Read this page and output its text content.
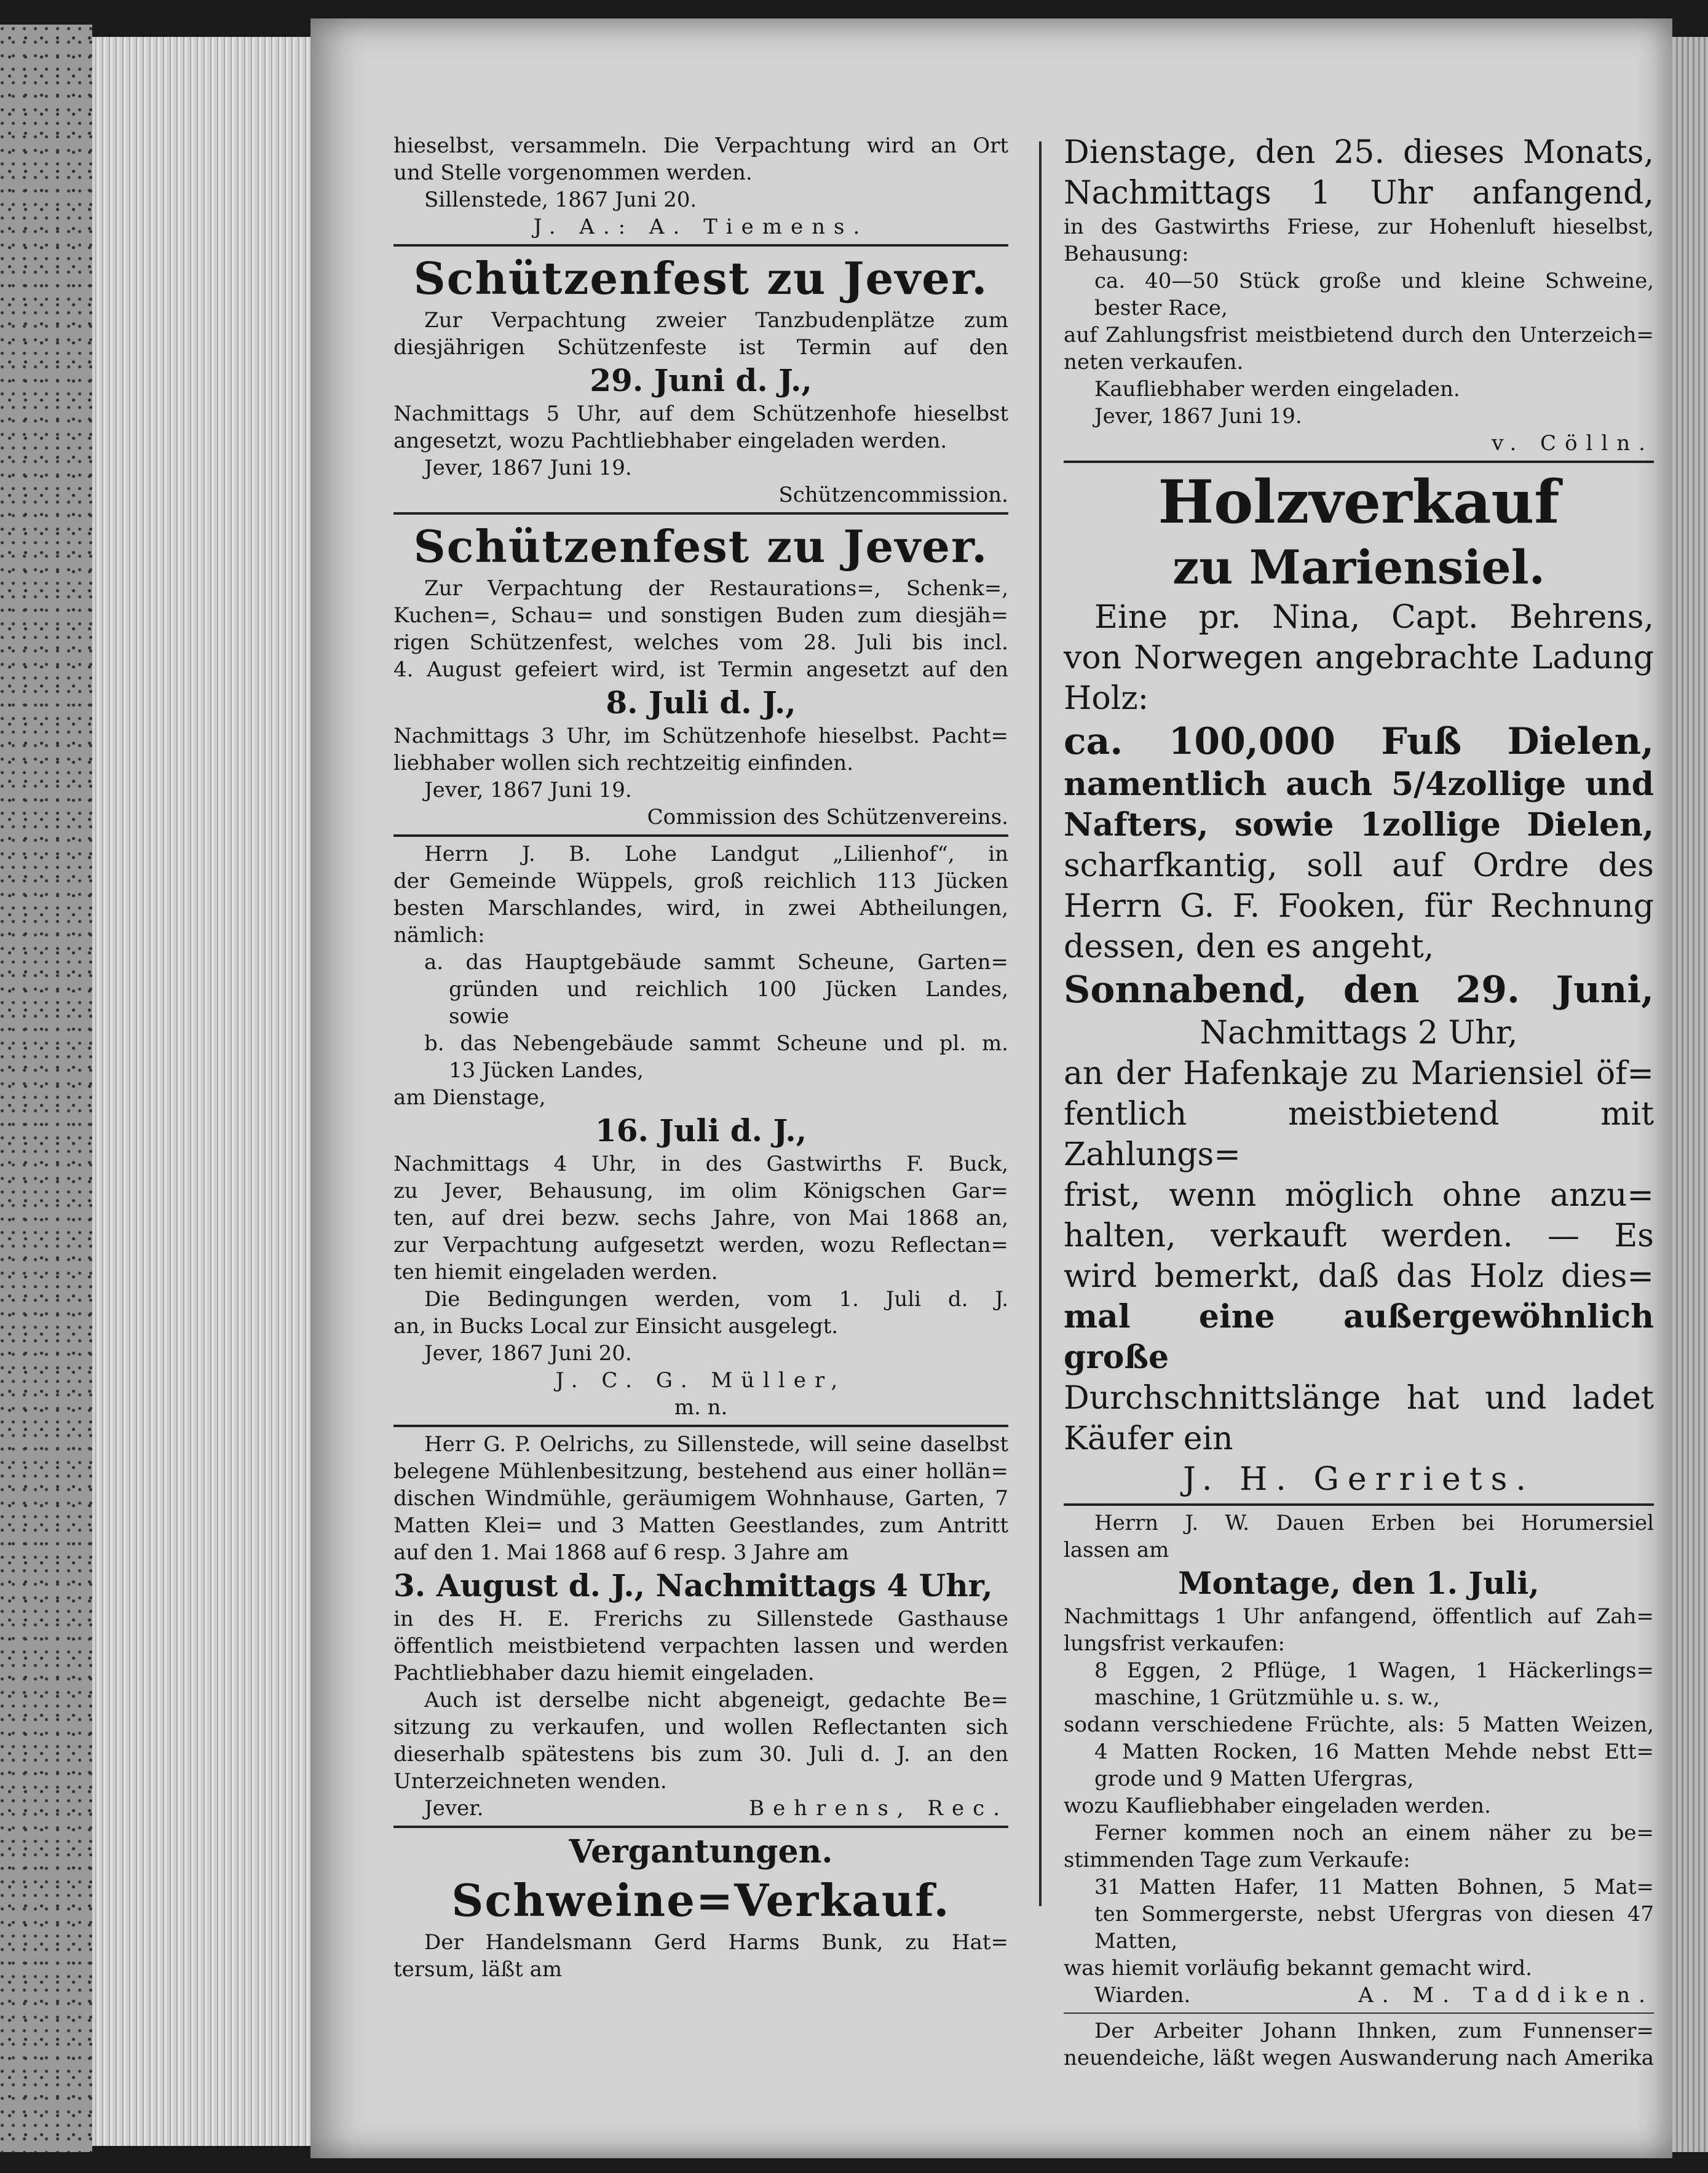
hieselbst, versammeln. Die Verpachtung wird an Ort
und Stelle vorgenommen werden.
Sillenstede, 1867 Juni 20.
J. A.: A. Tiemens.
Schützenfest zu Jever.
Zur Verpachtung zweier Tanzbudenplätze zum
diesjährigen Schützenfeste ist Termin auf den
29. Juni d. J.,
Nachmittags 5 Uhr, auf dem Schützenhofe hieselbst
angesetzt, wozu Pachtliebhaber eingeladen werden.
Jever, 1867 Juni 19.
Schützencommission.
Schützenfest zu Jever.
Zur Verpachtung der Restaurations=, Schenk=,
Kuchen=, Schau= und sonstigen Buden zum diesjäh=
rigen Schützenfest, welches vom 28. Juli bis incl.
4. August gefeiert wird, ist Termin angesetzt auf den
8. Juli d. J.,
Nachmittags 3 Uhr, im Schützenhofe hieselbst. Pacht=
liebhaber wollen sich rechtzeitig einfinden.
Jever, 1867 Juni 19.
Commission des Schützenvereins.
Herrn J. B. Lohe Landgut „Lilienhof“, in
der Gemeinde Wüppels, groß reichlich 113 Jücken
besten Marschlandes, wird, in zwei Abtheilungen,
nämlich:
a. das Hauptgebäude sammt Scheune, Garten=
gründen und reichlich 100 Jücken Landes,
sowie
b. das Nebengebäude sammt Scheune und pl. m.
13 Jücken Landes,
am Dienstage,
16. Juli d. J.,
Nachmittags 4 Uhr, in des Gastwirths F. Buck,
zu Jever, Behausung, im olim Königschen Gar=
ten, auf drei bezw. sechs Jahre, von Mai 1868 an,
zur Verpachtung aufgesetzt werden, wozu Reflectan=
ten hiemit eingeladen werden.
Die Bedingungen werden, vom 1. Juli d. J.
an, in Bucks Local zur Einsicht ausgelegt.
Jever, 1867 Juni 20.
J. C. G. Müller,
m. n.
Herr G. P. Oelrichs, zu Sillenstede, will seine daselbst
belegene Mühlenbesitzung, bestehend aus einer hollän=
dischen Windmühle, geräumigem Wohnhause, Garten, 7
Matten Klei= und 3 Matten Geestlandes, zum Antritt
auf den 1. Mai 1868 auf 6 resp. 3 Jahre am
3. August d. J., Nachmittags 4 Uhr,
in des H. E. Frerichs zu Sillenstede Gasthause
öffentlich meistbietend verpachten lassen und werden
Pachtliebhaber dazu hiemit eingeladen.
Auch ist derselbe nicht abgeneigt, gedachte Be=
sitzung zu verkaufen, und wollen Reflectanten sich
dieserhalb spätestens bis zum 30. Juli d. J. an den
Unterzeichneten wenden.
Jever.	Behrens, Rec.
Vergantungen.
Schweine=Verkauf.
Der Handelsmann Gerd Harms Bunk, zu Hat=
tersum, läßt am
Dienstage, den 25. dieses Monats,
Nachmittags 1 Uhr anfangend,
in des Gastwirths Friese, zur Hohenluft hieselbst,
Behausung:
ca. 40—50 Stück große und kleine Schweine,
bester Race,
auf Zahlungsfrist meistbietend durch den Unterzeich=
neten verkaufen.
Kaufliebhaber werden eingeladen.
Jever, 1867 Juni 19.
v. Cölln.
Holzverkauf
zu Mariensiel.
Eine pr. Nina, Capt. Behrens,
von Norwegen angebrachte Ladung
Holz:
ca. 100,000 Fuß Dielen,
namentlich auch 5/4zollige und
Nafters, sowie 1zollige Dielen,
scharfkantig, soll auf Ordre des
Herrn G. F. Fooken, für Rechnung
dessen, den es angeht,
Sonnabend, den 29. Juni,
Nachmittags 2 Uhr,
an der Hafenkaje zu Mariensiel öf=
fentlich meistbietend mit Zahlungs=
frist, wenn möglich ohne anzu=
halten, verkauft werden. — Es
wird bemerkt, daß das Holz dies=
mal eine außergewöhnlich große
Durchschnittslänge hat und ladet
Käufer ein
J. H. Gerriets.
Herrn J. W. Dauen Erben bei Horumersiel
lassen am
Montage, den 1. Juli,
Nachmittags 1 Uhr anfangend, öffentlich auf Zah=
lungsfrist verkaufen:
8 Eggen, 2 Pflüge, 1 Wagen, 1 Häckerlings=
maschine, 1 Grützmühle u. s. w.,
sodann verschiedene Früchte, als: 5 Matten Weizen,
4 Matten Rocken, 16 Matten Mehde nebst Ett=
grode und 9 Matten Ufergras,
wozu Kaufliebhaber eingeladen werden.
Ferner kommen noch an einem näher zu be=
stimmenden Tage zum Verkaufe:
31 Matten Hafer, 11 Matten Bohnen, 5 Mat=
ten Sommergerste, nebst Ufergras von diesen 47
Matten,
was hiemit vorläufig bekannt gemacht wird.
Wiarden.	A. M. Taddiken.
Der Arbeiter Johann Ihnken, zum Funnenser=
neuendeiche, läßt wegen Auswanderung nach Amerika
